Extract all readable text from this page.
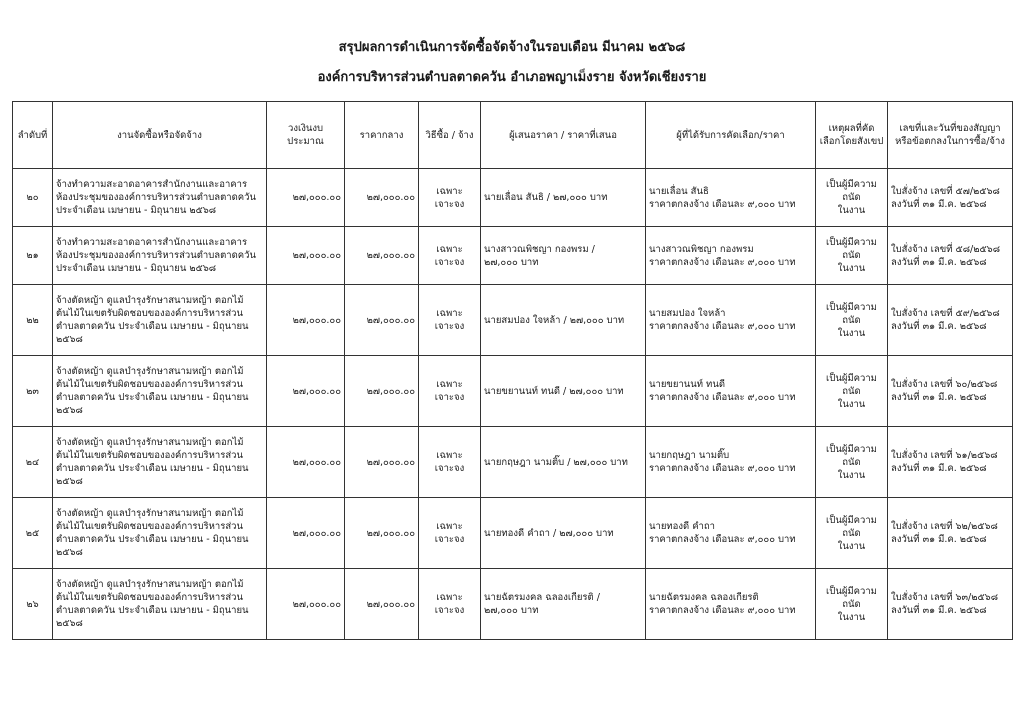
สรุปผลการดำเนินการจัดซื้อจัดจ้างในรอบเดือน มีนาคม ๒๕๖๘
องค์การบริหารส่วนตำบลตาดควัน อำเภอพญาเม็งราย จังหวัดเชียงราย
ลำดับที่	งานจัดซื้อหรือจัดจ้าง	วงเงินงบประมาณ	ราคากลาง	วิธีซื้อ / จ้าง	ผู้เสนอราคา / ราคาที่เสนอ	ผู้ที่ได้รับการคัดเลือก/ราคา	เหตุผลที่คัดเลือกโดยสังเขป	เลขที่และวันที่ของสัญญาหรือข้อตกลงในการซื้อ/จ้าง
๒๐	จ้างทำความสะอาดอาคารสำนักงานและอาคาร
ห้องประชุมขององค์การบริหารส่วนตำบลตาดควัน
ประจำเดือน เมษายน - มิถุนายน ๒๕๖๘	๒๗,๐๐๐.๐๐	๒๗,๐๐๐.๐๐	เฉพาะเจาะจง	นายเลื่อน สันธิ / ๒๗,๐๐๐ บาท	นายเลื่อน สันธิ
ราคาตกลงจ้าง เดือนละ ๙,๐๐๐ บาท	เป็นผู้มีความถนัด
ในงาน	ใบสั่งจ้าง เลขที่ ๕๗/๒๕๖๘
ลงวันที่ ๓๑ มี.ค. ๒๕๖๘
๒๑	จ้างทำความสะอาดอาคารสำนักงานและอาคาร
ห้องประชุมขององค์การบริหารส่วนตำบลตาดควัน
ประจำเดือน เมษายน - มิถุนายน ๒๕๖๘	๒๗,๐๐๐.๐๐	๒๗,๐๐๐.๐๐	เฉพาะเจาะจง	นางสาวณพิชญา กองพรม /
๒๗,๐๐๐ บาท	นางสาวณพิชญา กองพรม
ราคาตกลงจ้าง เดือนละ ๙,๐๐๐ บาท	เป็นผู้มีความถนัด
ในงาน	ใบสั่งจ้าง เลขที่ ๕๘/๒๕๖๘
ลงวันที่ ๓๑ มี.ค. ๒๕๖๘
๒๒	จ้างตัดหญ้า ดูแลบำรุงรักษาสนามหญ้า ตอกไม้
ต้นไม้ในเขตรับผิดชอบขององค์การบริหารส่วน
ตำบลตาดควัน ประจำเดือน เมษายน - มิถุนายน
๒๕๖๘	๒๗,๐๐๐.๐๐	๒๗,๐๐๐.๐๐	เฉพาะเจาะจง	นายสมปอง ใจหล้า / ๒๗,๐๐๐ บาท	นายสมปอง ใจหล้า
ราคาตกลงจ้าง เดือนละ ๙,๐๐๐ บาท	เป็นผู้มีความถนัด
ในงาน	ใบสั่งจ้าง เลขที่ ๕๙/๒๕๖๘
ลงวันที่ ๓๑ มี.ค. ๒๕๖๘
๒๓	จ้างตัดหญ้า ดูแลบำรุงรักษาสนามหญ้า ตอกไม้
ต้นไม้ในเขตรับผิดชอบขององค์การบริหารส่วน
ตำบลตาดควัน ประจำเดือน เมษายน - มิถุนายน
๒๕๖๘	๒๗,๐๐๐.๐๐	๒๗,๐๐๐.๐๐	เฉพาะเจาะจง	นายขยานนท์ ทนดี / ๒๗,๐๐๐ บาท	นายขยานนท์ ทนดี
ราคาตกลงจ้าง เดือนละ ๙,๐๐๐ บาท	เป็นผู้มีความถนัด
ในงาน	ใบสั่งจ้าง เลขที่ ๖๐/๒๕๖๘
ลงวันที่ ๓๑ มี.ค. ๒๕๖๘
๒๔	จ้างตัดหญ้า ดูแลบำรุงรักษาสนามหญ้า ตอกไม้
ต้นไม้ในเขตรับผิดชอบขององค์การบริหารส่วน
ตำบลตาดควัน ประจำเดือน เมษายน - มิถุนายน
๒๕๖๘	๒๗,๐๐๐.๐๐	๒๗,๐๐๐.๐๐	เฉพาะเจาะจง	นายกฤษฎา นามติ๊บ / ๒๗,๐๐๐ บาท	นายกฤษฎา นามติ๊บ
ราคาตกลงจ้าง เดือนละ ๙,๐๐๐ บาท	เป็นผู้มีความถนัด
ในงาน	ใบสั่งจ้าง เลขที่ ๖๑/๒๕๖๘
ลงวันที่ ๓๑ มี.ค. ๒๕๖๘
๒๕	จ้างตัดหญ้า ดูแลบำรุงรักษาสนามหญ้า ตอกไม้
ต้นไม้ในเขตรับผิดชอบขององค์การบริหารส่วน
ตำบลตาดควัน ประจำเดือน เมษายน - มิถุนายน
๒๕๖๘	๒๗,๐๐๐.๐๐	๒๗,๐๐๐.๐๐	เฉพาะเจาะจง	นายทองดี คำถา / ๒๗,๐๐๐ บาท	นายทองดี คำถา
ราคาตกลงจ้าง เดือนละ ๙,๐๐๐ บาท	เป็นผู้มีความถนัด
ในงาน	ใบสั่งจ้าง เลขที่ ๖๒/๒๕๖๘
ลงวันที่ ๓๑ มี.ค. ๒๕๖๘
๒๖	จ้างตัดหญ้า ดูแลบำรุงรักษาสนามหญ้า ตอกไม้
ต้นไม้ในเขตรับผิดชอบขององค์การบริหารส่วน
ตำบลตาดควัน ประจำเดือน เมษายน - มิถุนายน
๒๕๖๘	๒๗,๐๐๐.๐๐	๒๗,๐๐๐.๐๐	เฉพาะเจาะจง	นายฉัตรมงคล ฉลองเกียรติ /
๒๗,๐๐๐ บาท	นายฉัตรมงคล ฉลองเกียรติ
ราคาตกลงจ้าง เดือนละ ๙,๐๐๐ บาท	เป็นผู้มีความถนัด
ในงาน	ใบสั่งจ้าง เลขที่ ๖๓/๒๕๖๘
ลงวันที่ ๓๑ มี.ค. ๒๕๖๘
